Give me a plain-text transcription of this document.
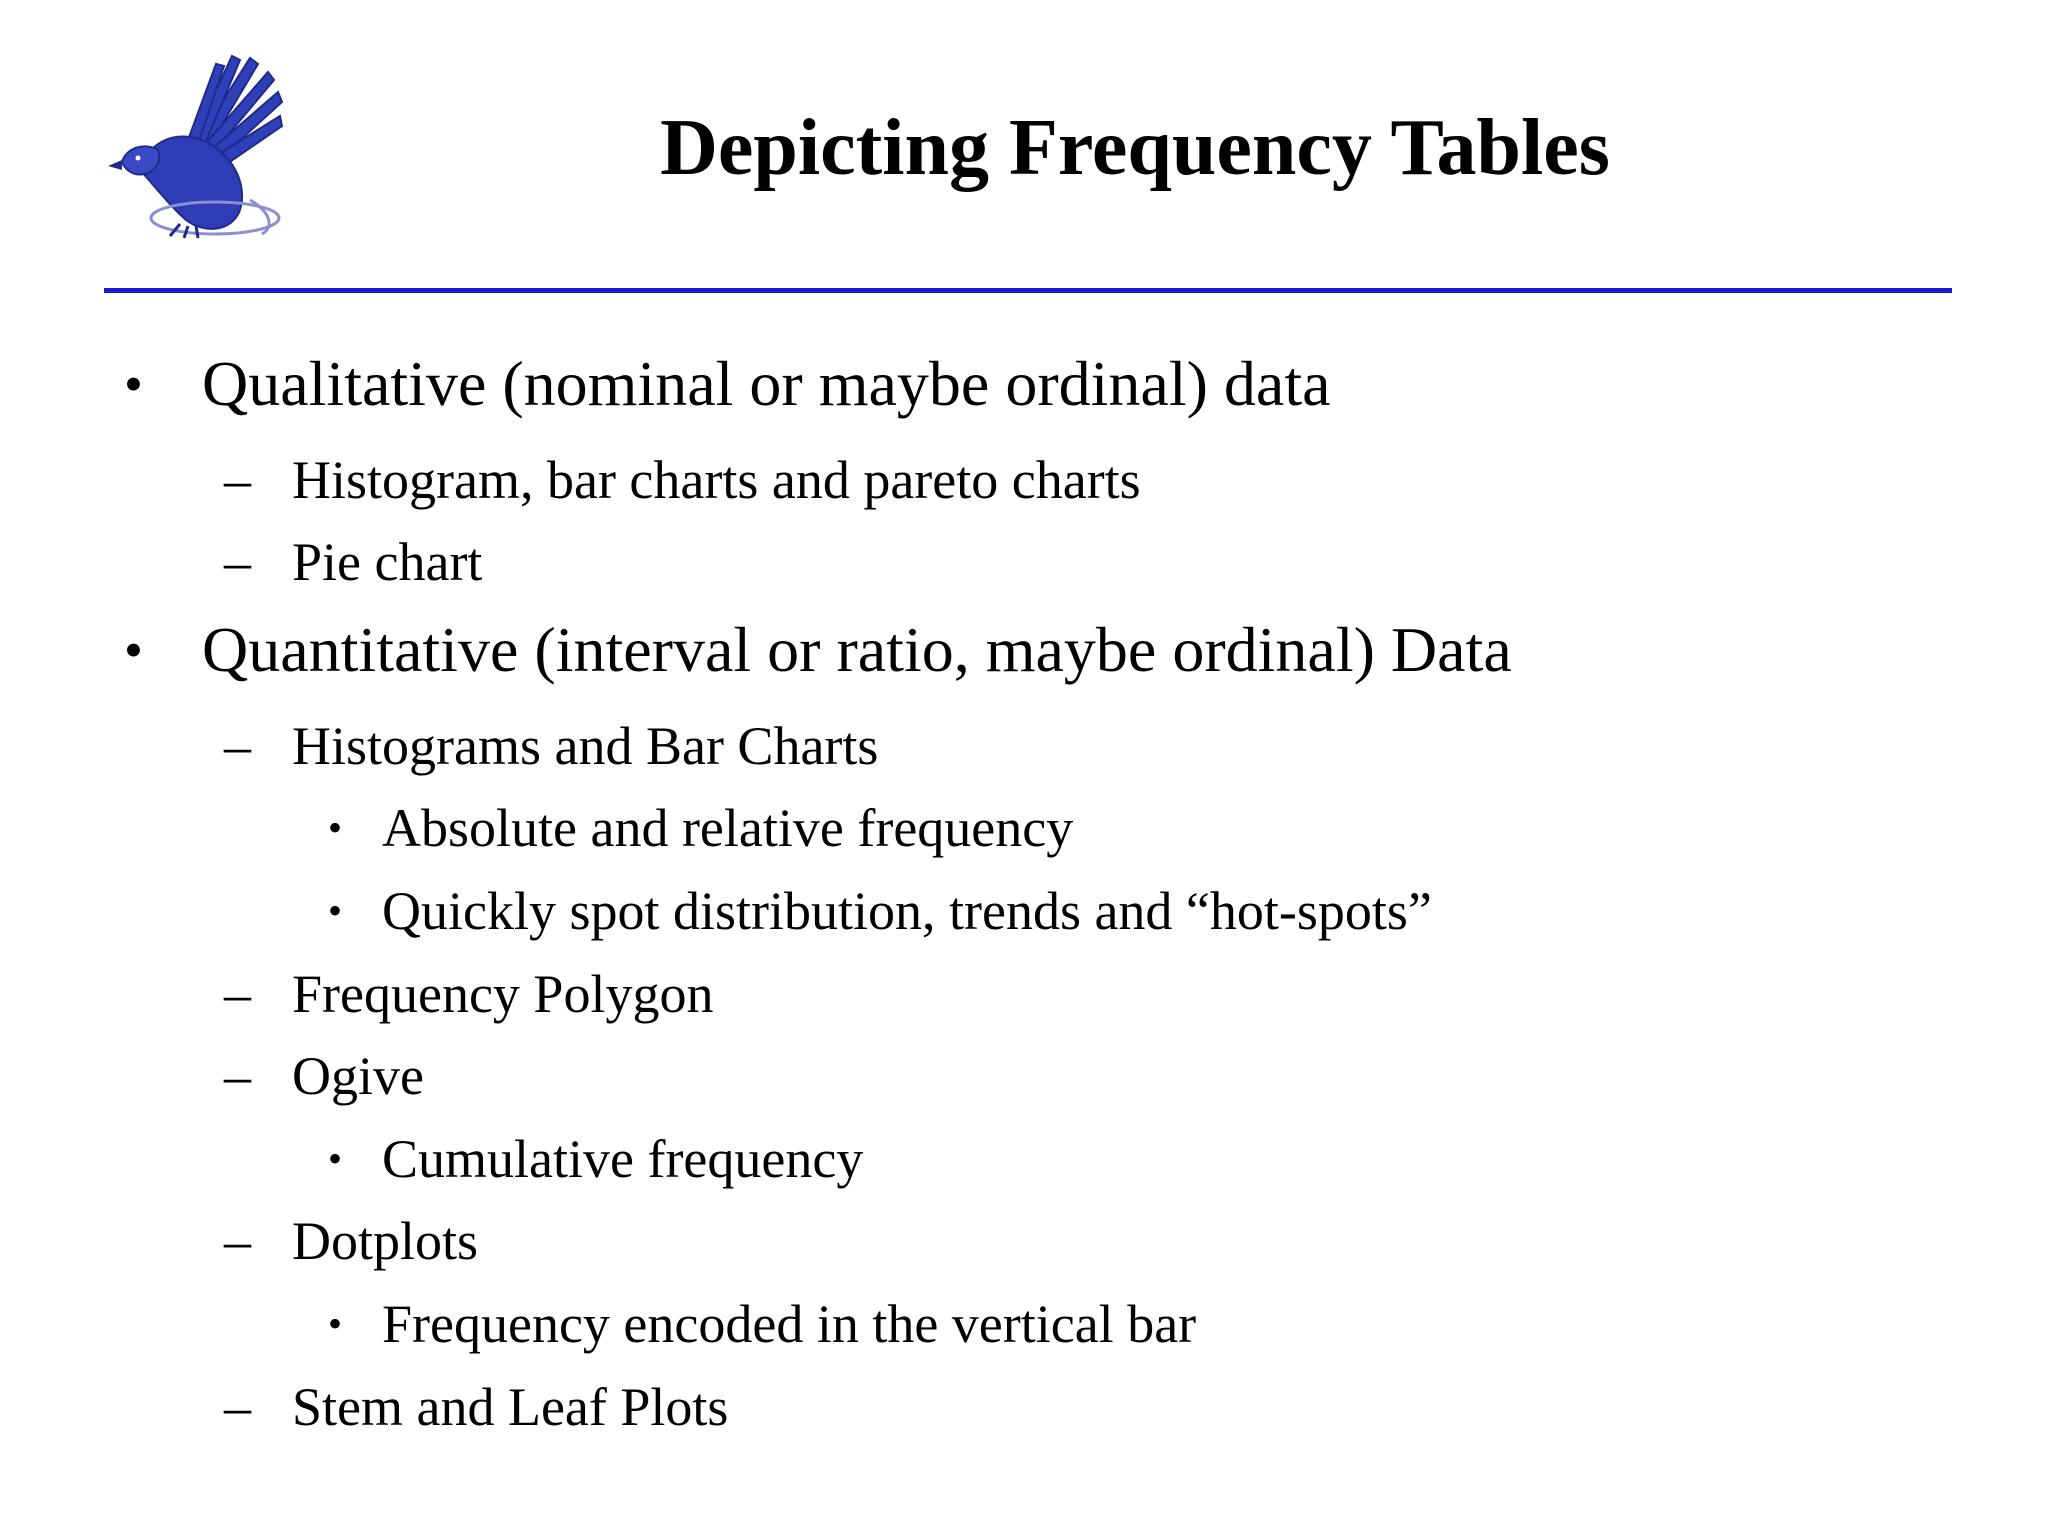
Depicting Frequency Tables
• Qualitative (nominal or maybe ordinal) data
– Histogram, bar charts and pareto charts
– Pie chart
• Quantitative (interval or ratio, maybe ordinal) Data
– Histograms and Bar Charts
• Absolute and relative frequency
• Quickly spot distribution, trends and “hot-spots”
– Frequency Polygon
– Ogive
• Cumulative frequency
– Dotplots
• Frequency encoded in the vertical bar
– Stem and Leaf Plots
